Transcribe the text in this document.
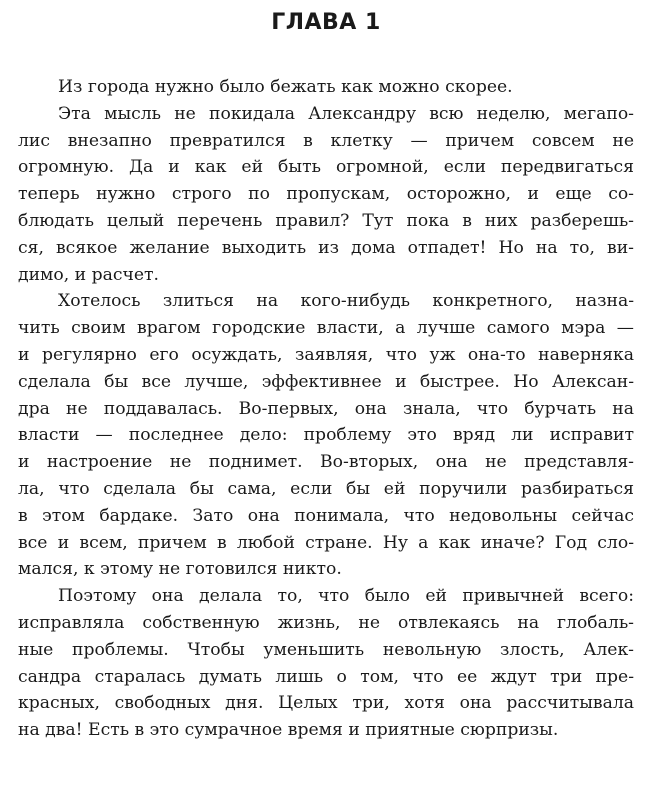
ГЛАВА 1

Из города нужно было бежать как можно скорее.

Эта мысль не покидала Александру всю неделю, мегапо-
лис внезапно превратился в клетку — причем совсем не
огромную. Да и как ей быть огромной, если передвигаться
теперь нужно строго по пропускам, осторожно, и еще со-
блюдать целый перечень правил? Тут пока в них разберешь-
ся, всякое желание выходить из дома отпадет! Но на то, ви-
димо, и расчет.

Хотелось злиться на кого-нибудь конкретного, назна-
чить своим врагом городские власти, а лучше самого мэра —
и регулярно его осуждать, заявляя, что уж она-то наверняка
сделала бы все лучше, эффективнее и быстрее. Но Алексан-
дра не поддавалась. Во-первых, она знала, что бурчать на
власти — последнее дело: проблему это вряд ли исправит
и настроение не поднимет. Во-вторых, она не представля-
ла, что сделала бы сама, если бы ей поручили разбираться
в этом бардаке. Зато она понимала, что недовольны сейчас
все и всем, причем в любой стране. Ну а как иначе? Год сло-
мался, к этому не готовился никто.

Поэтому она делала то, что было ей привычней всего:
исправляла собственную жизнь, не отвлекаясь на глобаль-
ные проблемы. Чтобы уменьшить невольную злость, Алек-
сандра старалась думать лишь о том, что ее ждут три пре-
красных, свободных дня. Целых три, хотя она рассчитывала
на два! Есть в это сумрачное время и приятные сюрпризы.
